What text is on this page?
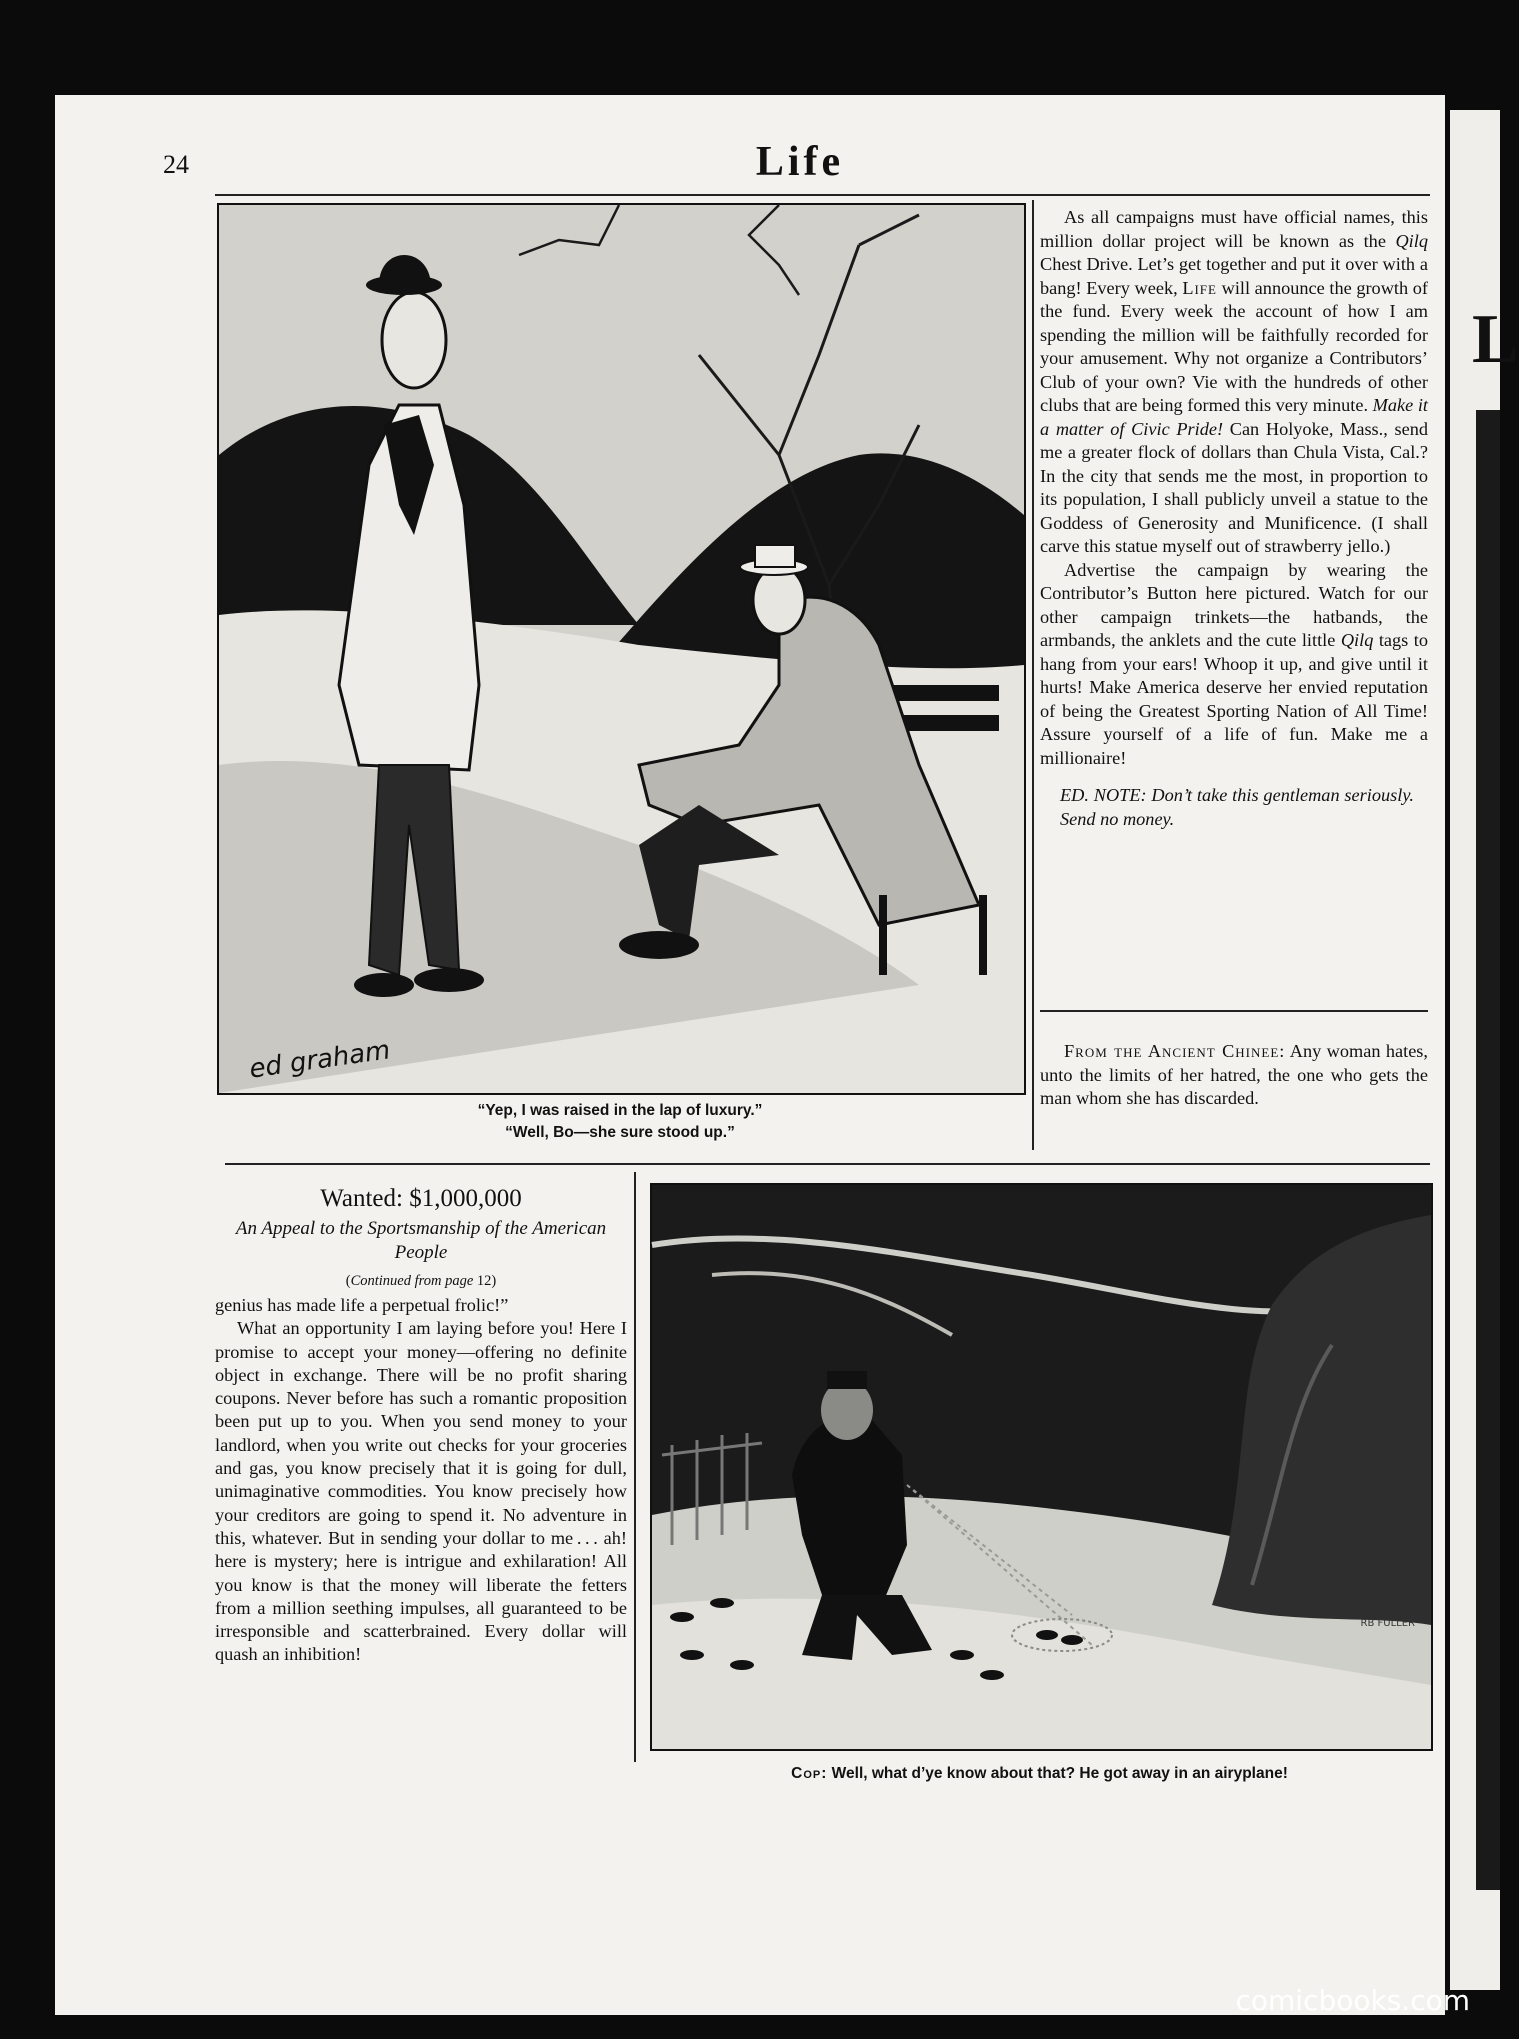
L
24	Life
ed graham
“Yep, I was raised in the lap of luxury.”
“Well, Bo—she sure stood up.”

As all campaigns must have official names, this million dollar project will be known as the Qilq Chest Drive. Let’s get together and put it over with a bang! Every week, Life will announce the growth of the fund. Every week the account of how I am spending the million will be faithfully recorded for your amusement. Why not organize a Contributors’ Club of your own? Vie with the hundreds of other clubs that are being formed this very minute. Make it a matter of Civic Pride! Can Holyoke, Mass., send me a greater flock of dollars than Chula Vista, Cal.? In the city that sends me the most, in proportion to its population, I shall publicly unveil a statue to the Goddess of Generosity and Munificence. (I shall carve this statue myself out of strawberry jello.)

Advertise the campaign by wearing the Contributor’s Button here pictured. Watch for our other campaign trinkets—the hatbands, the armbands, the anklets and the cute little Qilq tags to hang from your ears! Whoop it up, and give until it hurts! Make America deserve her envied reputation of being the Greatest Sporting Nation of All Time! Assure yourself of a life of fun. Make me a millionaire!

ED. NOTE: Don’t take this gentleman seriously. Send no money.

From the Ancient Chinee: Any woman hates, unto the limits of her hatred, the one who gets the man whom she has discarded.

Wanted: $1,000,000
An Appeal to the Sportsmanship of the American People
(Continued from page 12)

genius has made life a perpetual frolic!”

What an opportunity I am laying before you! Here I promise to accept your money—offering no definite object in exchange. There will be no profit sharing coupons. Never before has such a romantic proposition been put up to you. When you send money to your landlord, when you write out checks for your groceries and gas, you know precisely that it is going for dull, unimaginative commodities. You know precisely how your creditors are going to spend it. No adventure in this, whatever. But in sending your dollar to me . . . ah! here is mystery; here is intrigue and exhilaration! All you know is that the money will liberate the fetters from a million seething impulses, all guaranteed to be irresponsible and scatterbrained. Every dollar will quash an inhibition!

RB FULLER
Cop: Well, what d’ye know about that? He got away in an airyplane!
comicbooks.com
